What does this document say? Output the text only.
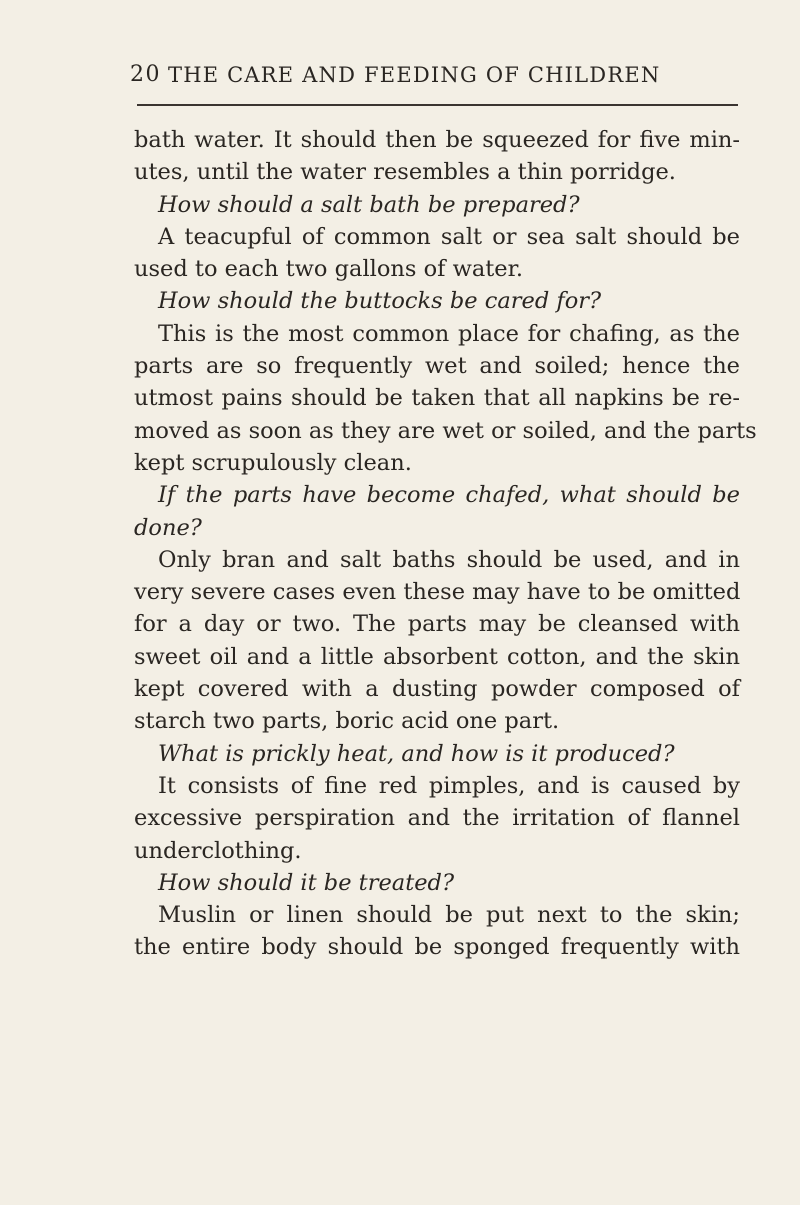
20 THE CARE AND FEEDING OF CHILDREN
bath water. It should then be squeezed for five min-
utes, until the water resembles a thin porridge.
How should a salt bath be prepared?
A teacupful of common salt or sea salt should be
used to each two gallons of water.
How should the buttocks be cared for?
This is the most common place for chafing, as the
parts are so frequently wet and soiled; hence the
utmost pains should be taken that all napkins be re-
moved as soon as they are wet or soiled, and the parts
kept scrupulously clean.
If the parts have become chafed, what should be
done?
Only bran and salt baths should be used, and in
very severe cases even these may have to be omitted
for a day or two. The parts may be cleansed with
sweet oil and a little absorbent cotton, and the skin
kept covered with a dusting powder composed of
starch two parts, boric acid one part.
What is prickly heat, and how is it produced?
It consists of fine red pimples, and is caused by
excessive perspiration and the irritation of flannel
underclothing.
How should it be treated?
Muslin or linen should be put next to the skin;
the entire body should be sponged frequently with
